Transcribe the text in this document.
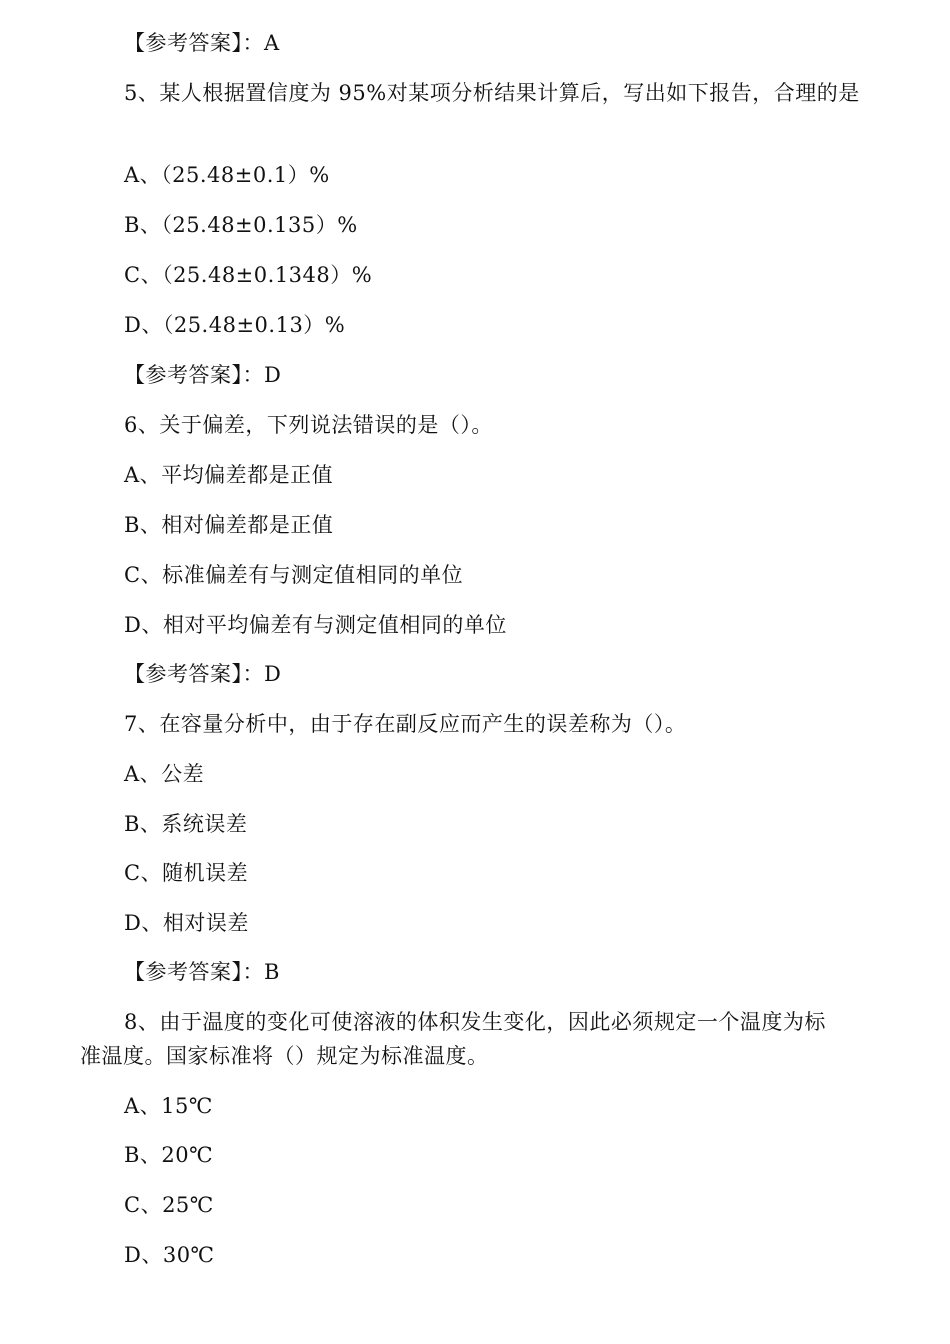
【参考答案】：A
5、某人根据置信度为 95%对某项分析结果计算后，写出如下报告，合理的是
A、（25.48±0.1）%
B、（25.48±0.135）%
C、（25.48±0.1348）%
D、（25.48±0.13）%
【参考答案】：D
6、关于偏差，下列说法错误的是（）。
A、平均偏差都是正值
B、相对偏差都是正值
C、标准偏差有与测定值相同的单位
D、相对平均偏差有与测定值相同的单位
【参考答案】：D
7、在容量分析中，由于存在副反应而产生的误差称为（）。
A、公差
B、系统误差
C、随机误差
D、相对误差
【参考答案】：B
8、由于温度的变化可使溶液的体积发生变化，因此必须规定一个温度为标
准温度。国家标准将（）规定为标准温度。
A、15℃
B、20℃
C、25℃
D、30℃
